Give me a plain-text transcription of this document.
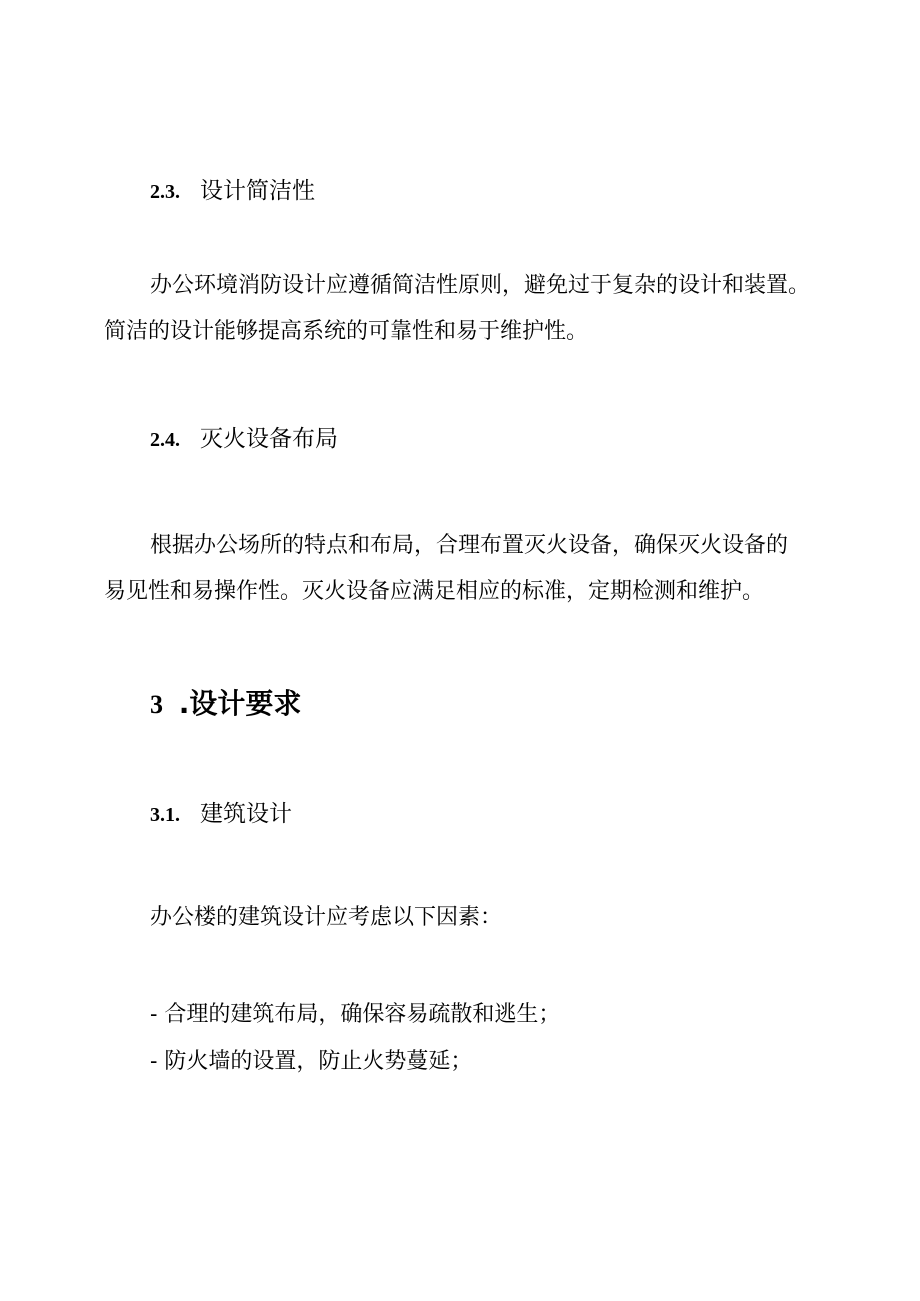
2.3. 设计简洁性
办公环境消防设计应遵循简洁性原则，避免过于复杂的设计和装置。
简洁的设计能够提高系统的可靠性和易于维护性。
2.4. 灭火设备布局
根据办公场所的特点和布局，合理布置灭火设备，确保灭火设备的
易见性和易操作性。灭火设备应满足相应的标准，定期检测和维护。
3 .设计要求
3.1. 建筑设计
办公楼的建筑设计应考虑以下因素：
- 合理的建筑布局，确保容易疏散和逃生；
- 防火墙的设置，防止火势蔓延；
